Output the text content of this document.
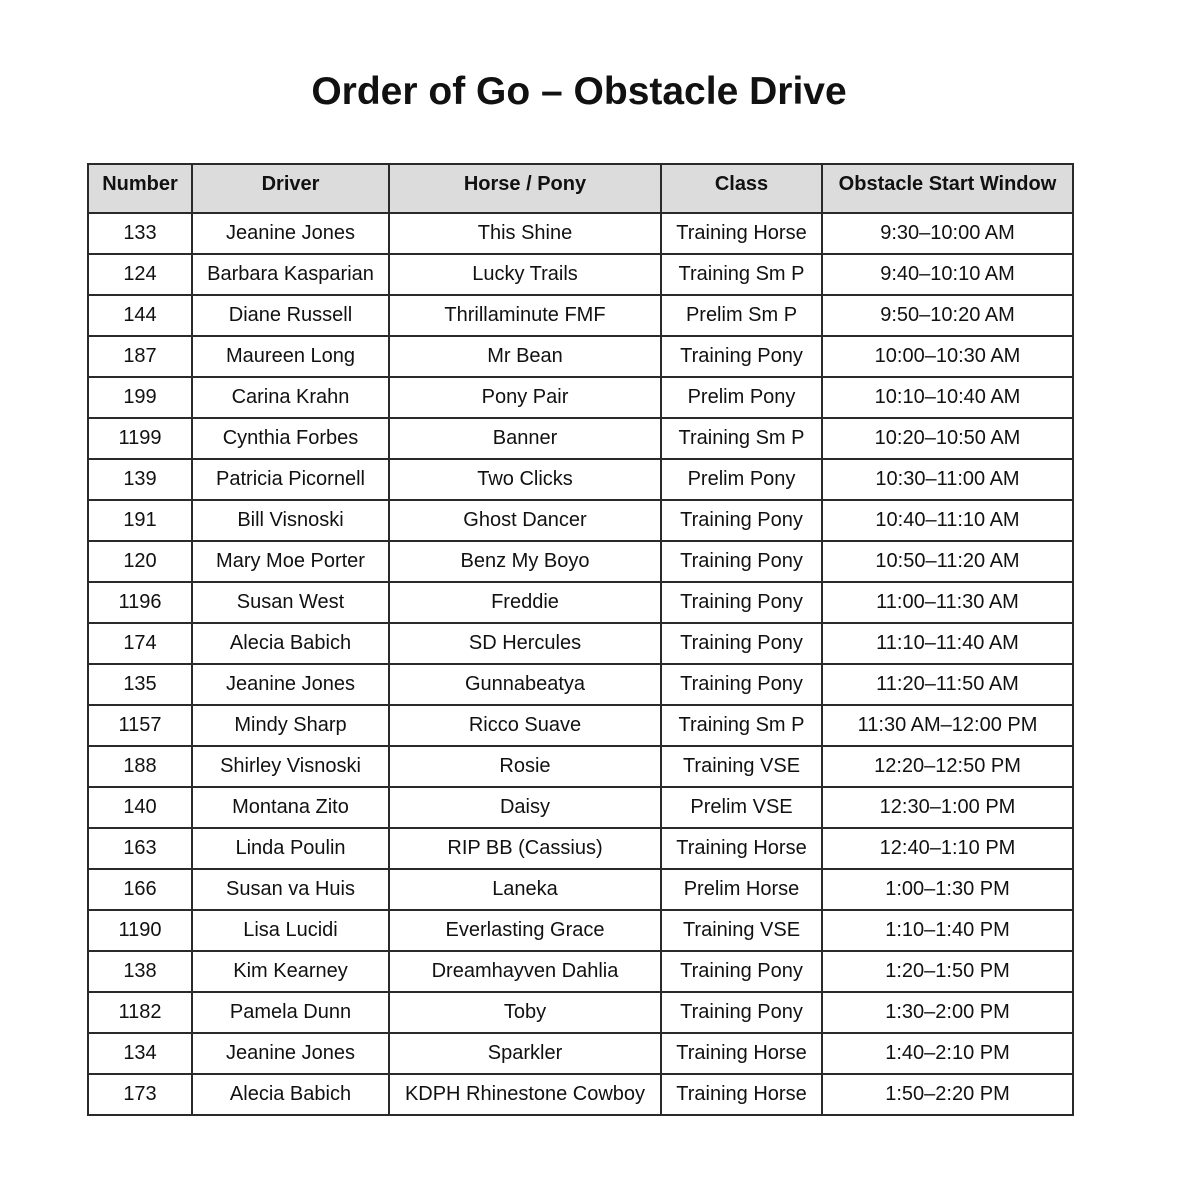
Order of Go – Obstacle Drive
Number	Driver	Horse / Pony	Class	Obstacle Start Window
133	Jeanine Jones	This Shine	Training Horse	9:30–10:00 AM
124	Barbara Kasparian	Lucky Trails	Training Sm P	9:40–10:10 AM
144	Diane Russell	Thrillaminute FMF	Prelim Sm P	9:50–10:20 AM
187	Maureen Long	Mr Bean	Training Pony	10:00–10:30 AM
199	Carina Krahn	Pony Pair	Prelim Pony	10:10–10:40 AM
1199	Cynthia Forbes	Banner	Training Sm P	10:20–10:50 AM
139	Patricia Picornell	Two Clicks	Prelim Pony	10:30–11:00 AM
191	Bill Visnoski	Ghost Dancer	Training Pony	10:40–11:10 AM
120	Mary Moe Porter	Benz My Boyo	Training Pony	10:50–11:20 AM
1196	Susan West	Freddie	Training Pony	11:00–11:30 AM
174	Alecia Babich	SD Hercules	Training Pony	11:10–11:40 AM
135	Jeanine Jones	Gunnabeatya	Training Pony	11:20–11:50 AM
1157	Mindy Sharp	Ricco Suave	Training Sm P	11:30 AM–12:00 PM
188	Shirley Visnoski	Rosie	Training VSE	12:20–12:50 PM
140	Montana Zito	Daisy	Prelim VSE	12:30–1:00 PM
163	Linda Poulin	RIP BB (Cassius)	Training Horse	12:40–1:10 PM
166	Susan va Huis	Laneka	Prelim Horse	1:00–1:30 PM
1190	Lisa Lucidi	Everlasting Grace	Training VSE	1:10–1:40 PM
138	Kim Kearney	Dreamhayven Dahlia	Training Pony	1:20–1:50 PM
1182	Pamela Dunn	Toby	Training Pony	1:30–2:00 PM
134	Jeanine Jones	Sparkler	Training Horse	1:40–2:10 PM
173	Alecia Babich	KDPH Rhinestone Cowboy	Training Horse	1:50–2:20 PM
